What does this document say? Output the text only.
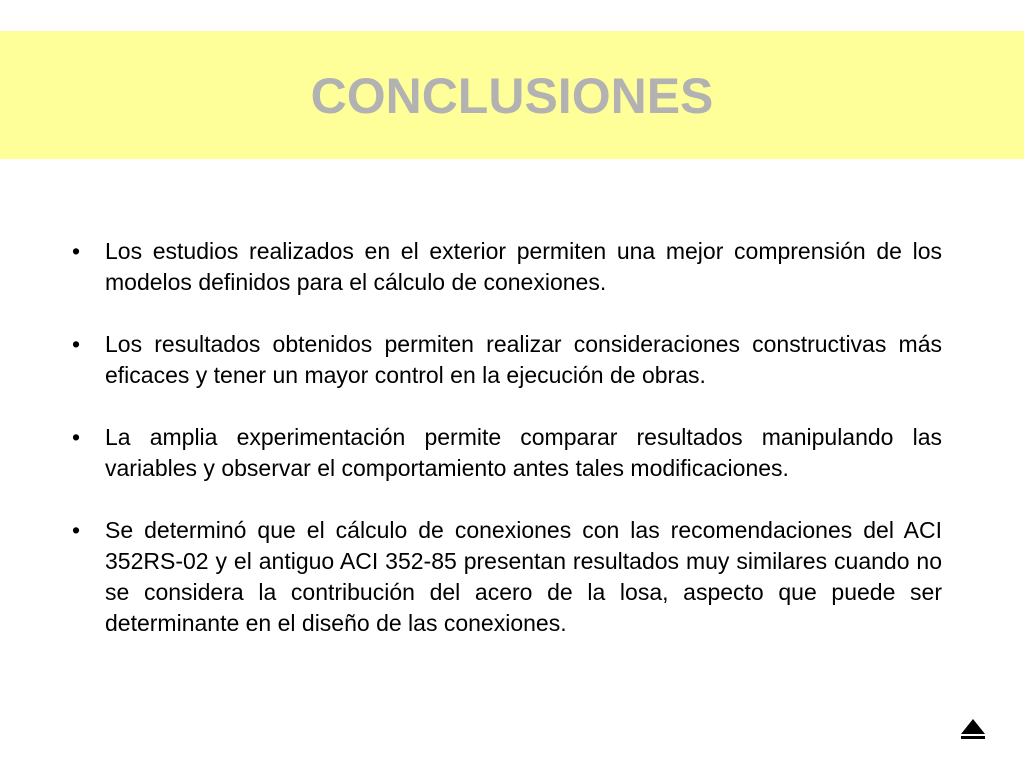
CONCLUSIONES
•	Los estudios realizados en el exterior permiten una mejor comprensión de los modelos definidos para el cálculo de conexiones.
•	Los resultados obtenidos permiten realizar consideraciones constructivas más eficaces y tener un mayor control en la ejecución de obras.
•	La amplia experimentación permite comparar resultados manipulando las variables y observar el comportamiento antes tales modificaciones.
•	Se determinó que el cálculo de conexiones con las recomendaciones del ACI 352RS-02 y el antiguo ACI 352-85 presentan resultados muy similares cuando no se considera la contribución del acero de la losa, aspecto que puede ser determinante en el diseño de las conexiones.
